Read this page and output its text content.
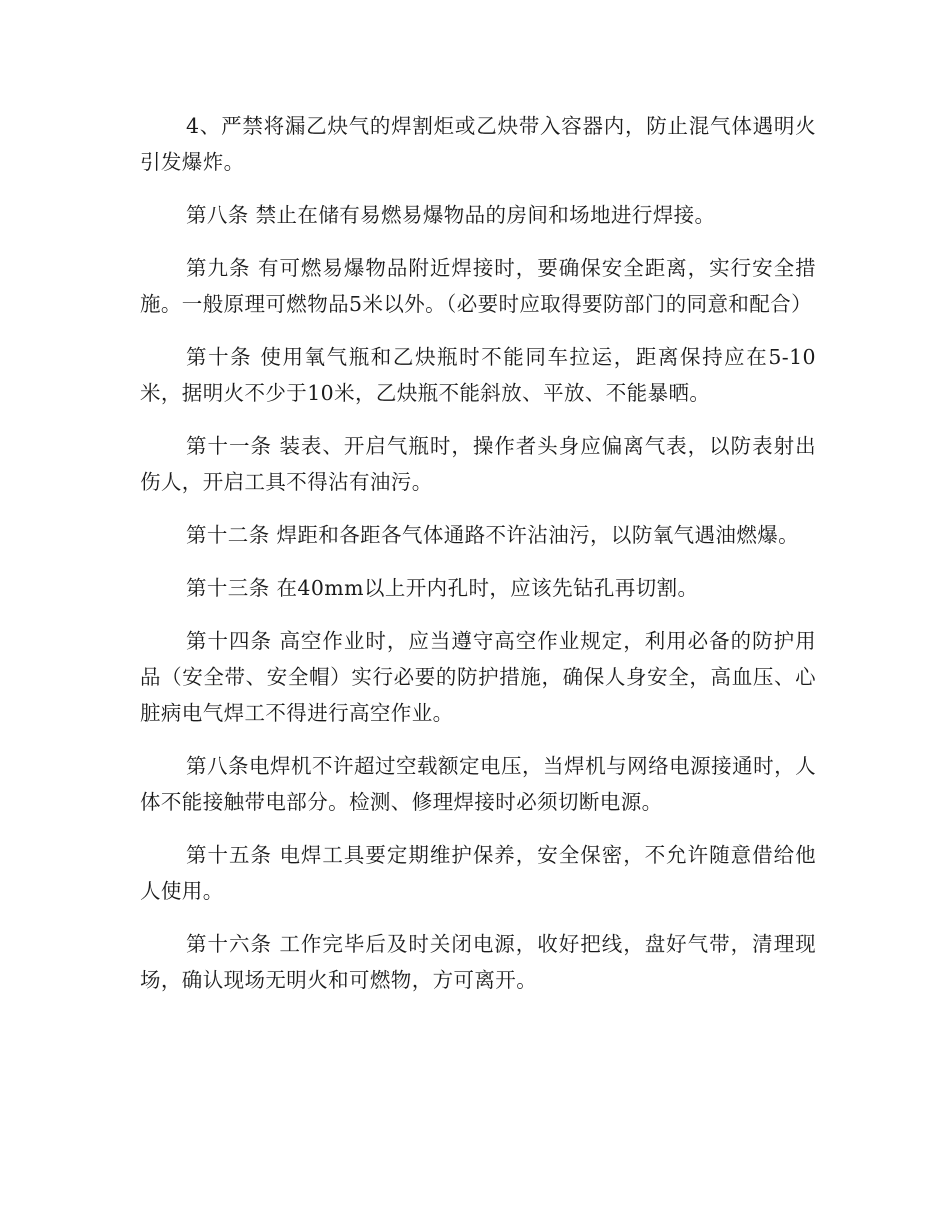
4、严禁将漏乙炔气的焊割炬或乙炔带入容器内，防止混气体遇明火引发爆炸。

第八条 禁止在储有易燃易爆物品的房间和场地进行焊接。

第九条 有可燃易爆物品附近焊接时，要确保安全距离，实行安全措施。一般原理可燃物品5米以外。（必要时应取得要防部门的同意和配合）

第十条 使用氧气瓶和乙炔瓶时不能同车拉运，距离保持应在5-10米，据明火不少于10米，乙炔瓶不能斜放、平放、不能暴晒。

第十一条 装表、开启气瓶时，操作者头身应偏离气表，以防表射出伤人，开启工具不得沾有油污。

第十二条 焊距和各距各气体通路不许沾油污，以防氧气遇油燃爆。

第十三条 在40mm以上开内孔时，应该先钻孔再切割。

第十四条 高空作业时，应当遵守高空作业规定，利用必备的防护用品（安全带、安全帽）实行必要的防护措施，确保人身安全，高血压、心脏病电气焊工不得进行高空作业。

第八条电焊机不许超过空载额定电压，当焊机与网络电源接通时，人体不能接触带电部分。检测、修理焊接时必须切断电源。

第十五条 电焊工具要定期维护保养，安全保密，不允许随意借给他人使用。

第十六条 工作完毕后及时关闭电源，收好把线，盘好气带，清理现场，确认现场无明火和可燃物，方可离开。
